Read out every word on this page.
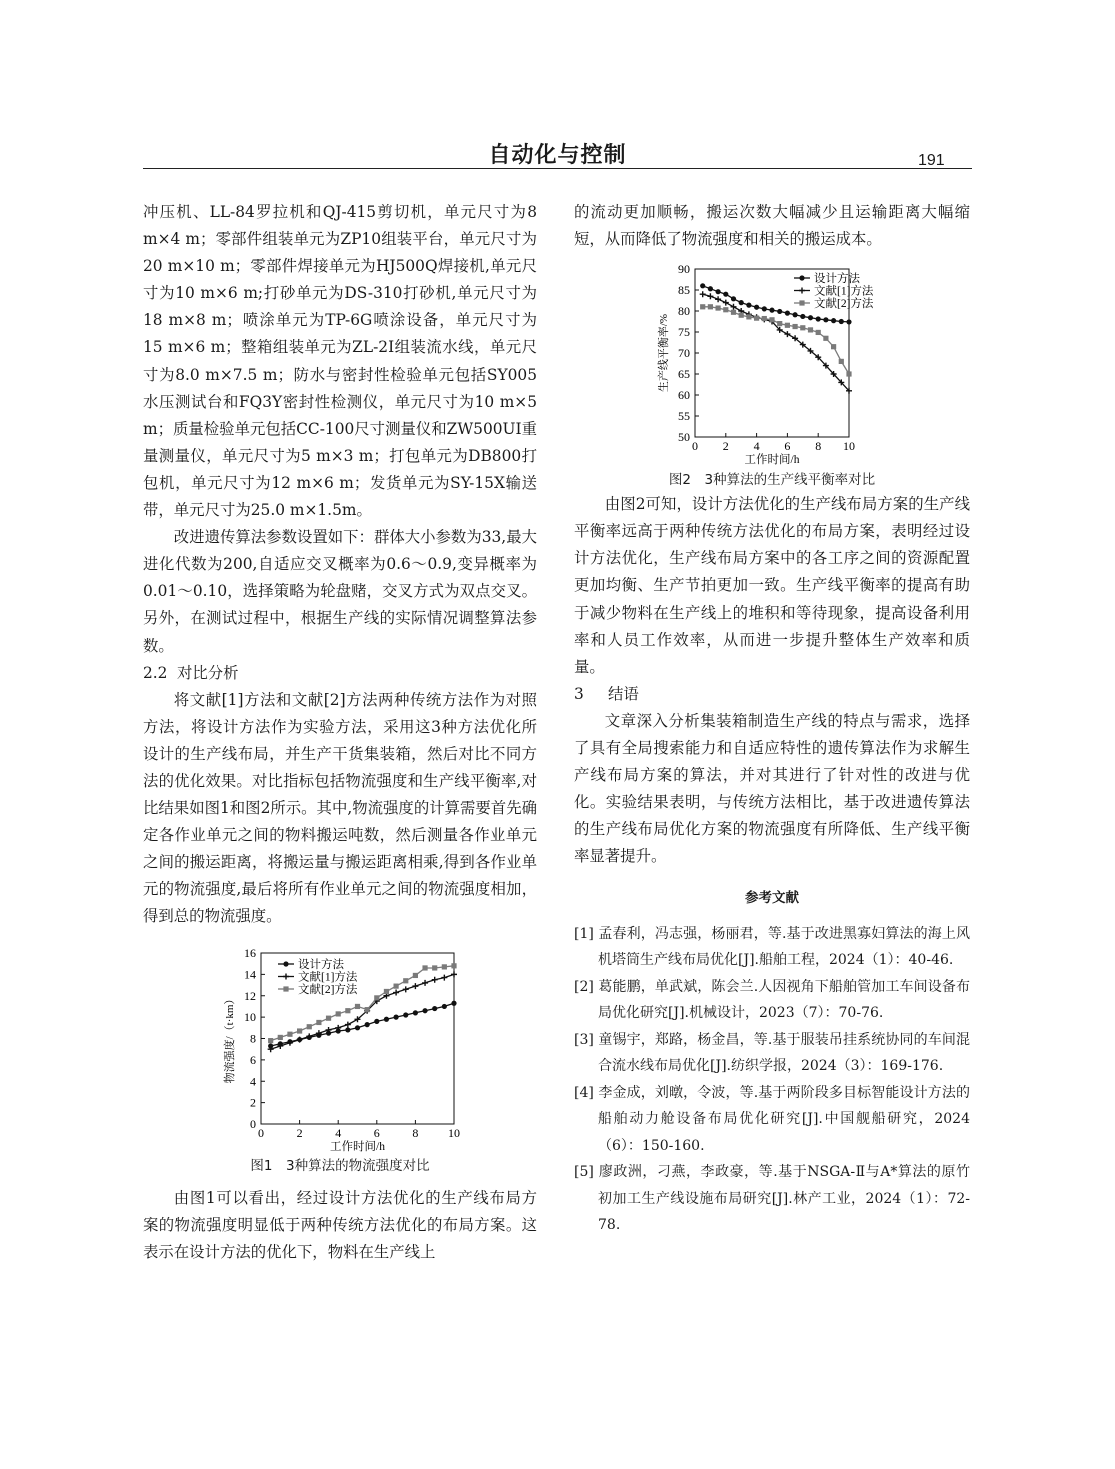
自动化与控制	191

冲压机、LL-84罗拉机和QJ-415剪切机，单元尺寸为8 m×4 m；零部件组装单元为ZP10组装平台，单元尺寸为20 m×10 m；零部件焊接单元为HJ500Q焊接机,单元尺寸为10 m×6 m;打砂单元为DS-310打砂机,单元尺寸为18 m×8 m；喷涂单元为TP-6G喷涂设备，单元尺寸为15 m×6 m；整箱组装单元为ZL-2I组装流水线，单元尺寸为8.0 m×7.5 m；防水与密封性检验单元包括SY005水压测试台和FQ3Y密封性检测仪，单元尺寸为10 m×5 m；质量检验单元包括CC-100尺寸测量仪和ZW500UI重量测量仪，单元尺寸为5 m×3 m；打包单元为DB800打包机，单元尺寸为12 m×6 m；发货单元为SY-15X输送带，单元尺寸为25.0 m×1.5m。

改进遗传算法参数设置如下：群体大小参数为33,最大进化代数为200,自适应交叉概率为0.6～0.9,变异概率为0.01～0.10，选择策略为轮盘赌，交叉方式为双点交叉。另外，在测试过程中，根据生产线的实际情况调整算法参数。

2.2 对比分析

将文献[1]方法和文献[2]方法两种传统方法作为对照方法，将设计方法作为实验方法，采用这3种方法优化所设计的生产线布局，并生产干货集装箱，然后对比不同方法的优化效果。对比指标包括物流强度和生产线平衡率,对比结果如图1和图2所示。其中,物流强度的计算需要首先确定各作业单元之间的物料搬运吨数，然后测量各作业单元之间的搬运距离，将搬运量与搬运距离相乘,得到各作业单元的物流强度,最后将所有作业单元之间的物流强度相加，得到总的物流强度。

0	2	4	6	8 10
0
2
4
6
8
10
12
14
16
工作时间/h
物流强度/（t·km）
设计方法
文献[1]方法
文献[2]方法
图1　3种算法的物流强度对比

由图1可以看出，经过设计方法优化的生产线布局方案的物流强度明显低于两种传统方法优化的布局方案。这表示在设计方法的优化下，物料在生产线上

的流动更加顺畅，搬运次数大幅减少且运输距离大幅缩短，从而降低了物流强度和相关的搬运成本。

0 2 4 6 8 10
50
55
60
65
70
75
80
85
90
工作时间/h
生产线平衡率/%
设计方法
文献[1]方法
文献[2]方法
图2　3种算法的生产线平衡率对比

由图2可知，设计方法优化的生产线布局方案的生产线平衡率远高于两种传统方法优化的布局方案，表明经过设计方法优化，生产线布局方案中的各工序之间的资源配置更加均衡、生产节拍更加一致。生产线平衡率的提高有助于减少物料在生产线上的堆积和等待现象，提高设备利用率和人员工作效率，从而进一步提升整体生产效率和质量。

3 结语

文章深入分析集装箱制造生产线的特点与需求，选择了具有全局搜索能力和自适应特性的遗传算法作为求解生产线布局方案的算法，并对其进行了针对性的改进与优化。实验结果表明，与传统方法相比，基于改进遗传算法的生产线布局优化方案的物流强度有所降低、生产线平衡率显著提升。

参考文献

[1] 孟春利，冯志强，杨丽君，等.基于改进黑寡妇算法的海上风机塔筒生产线布局优化[J].船舶工程，2024（1）：40-46.

[2] 葛能鹏，单武斌，陈会兰.人因视角下船舶管加工车间设备布局优化研究[J].机械设计，2023（7）：70-76.

[3] 童锡宇，郑路，杨金昌，等.基于服装吊挂系统协同的车间混合流水线布局优化[J].纺织学报，2024（3）：169-176.

[4] 李金成，刘暾，令波，等.基于两阶段多目标智能设计方法的船舶动力舱设备布局优化研究[J].中国舰船研究，2024（6）：150-160.

[5] 廖政洲，刁燕，李政豪，等.基于NSGA-Ⅱ与A*算法的原竹初加工生产线设施布局研究[J].林产工业，2024（1）：72-78.
